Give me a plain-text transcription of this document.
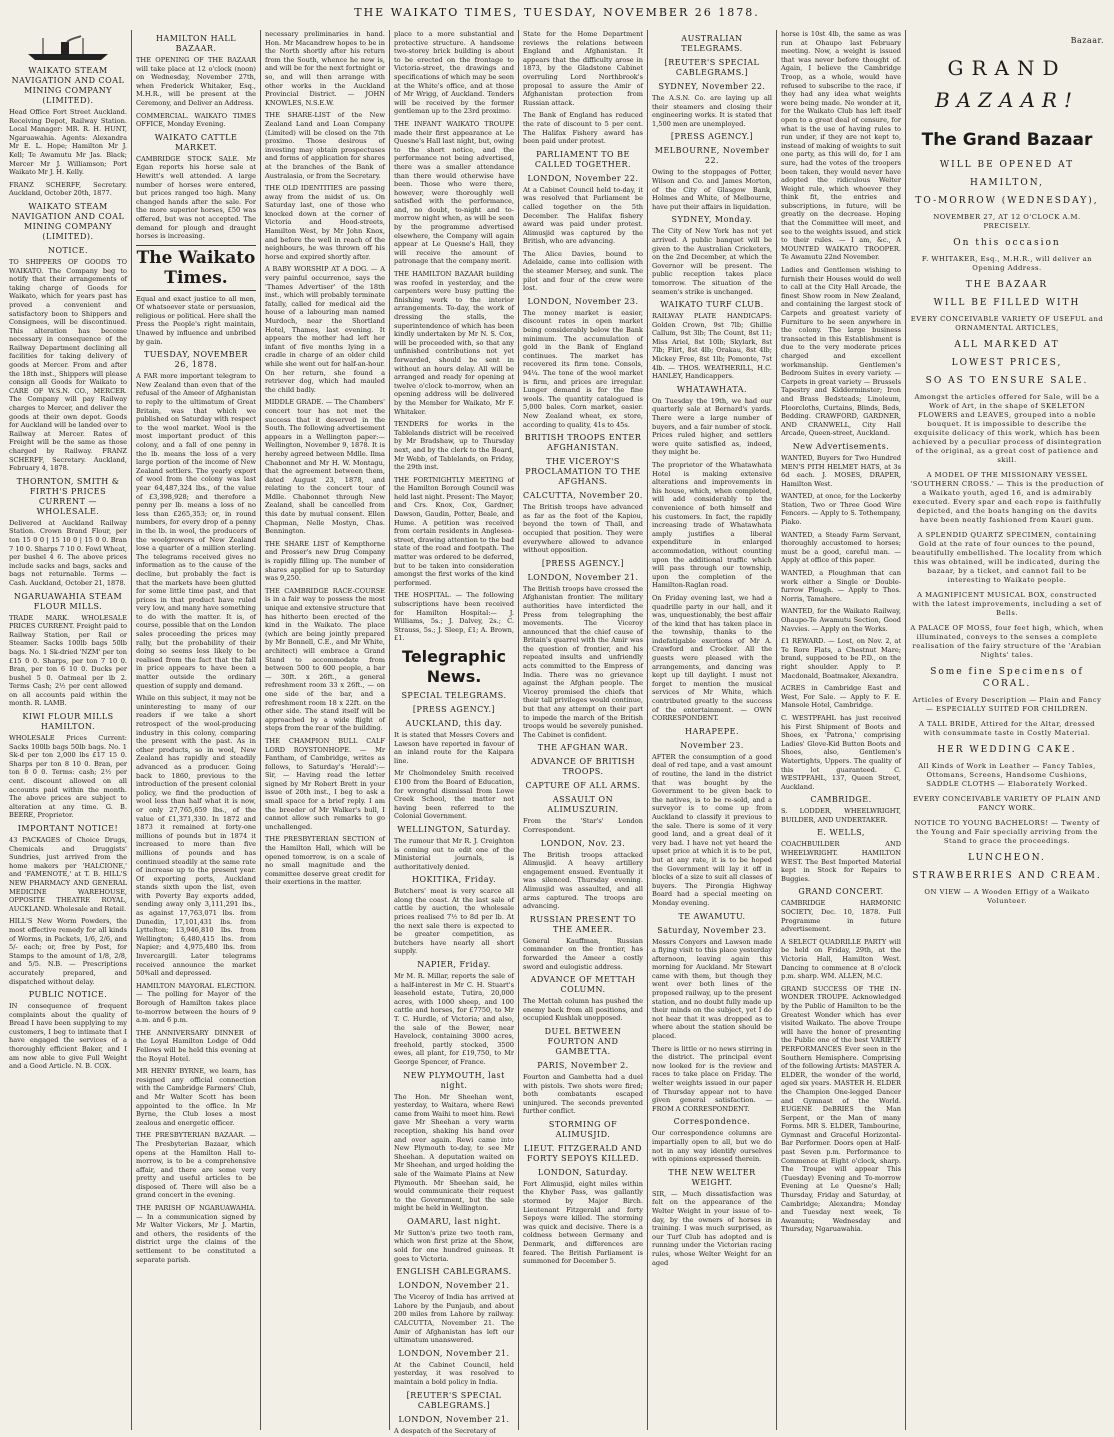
THE WAIKATO TIMES, TUESDAY, NOVEMBER 26 1878.
WAIKATO STEAM NAVIGATION AND COAL MINING COMPANY (LIMITED).
Head Office Fort Street Auckland. Receiving Depot, Railway Station. Local Manager: MR. R. H. HUNT, Ngaruawahia. Agents: Alexandra Mr E. L. Hope; Hamilton Mr J. Kell; Te Awamutu Mr Jas. Black; Mercer Mr J. Williamson; Port Waikato Mr J. H. Kelly.
FRANZ SCHERFF, Secretary. Auckland, October 20th, 1877.
WAIKATO STEAM NAVIGATION AND COAL MINING COMPANY (LIMITED).
NOTICE.
TO SHIPPERS OF GOODS TO WAIKATO. The Company beg to notify that their arrangements of taking charge of Goods for Waikato, which for years past has proved a convenient and satisfactory boon to Shippers and Consignees, will be discontinued. This alteration has become necessary in consequence of the Railway Department declining all facilities for taking delivery of goods at Mercer. From and after the 18th inst., Shippers will please consign all Goods for Waikato to CARE OF W.S.N. CO., MERCER. The Company will pay Railway charges to Mercer, and deliver the goods at their own depot. Goods for Auckland will be landed over to Railway at Mercer. Rates of Freight will be the same as those charged by Railway. FRANZ SCHERFF, Secretary. Auckland, February 4, 1878.
THORNTON, SMITH & FIRTH'S PRICES CURRENT — WHOLESALE.
Delivered at Auckland Railway Station. Crown Brand Flour, per ton 15 0 0 | 15 10 0 | 15 0 0. Bran 7 10 0. Sharps 7 10 0. Fowl Wheat, per bushel 4 6. The above prices include sacks and bags, sacks and bags not returnable. Terms — Cash. Auckland, October 21, 1878.
NGARUAWAHIA STEAM FLOUR MILLS.
TRADE MARK. WHOLESALE PRICES CURRENT. Freight paid to Railway Station, per Rail or Steamer. Sacks 100lb bags 50lb bags. No. 1 Sk-dried 'NZM' per ton £15 0 0. Sharps, per ton 7 10 0. Bran, per ton 6 10 0. Ducks per bushel 5 0. Oatmeal per lb 2. Terms Cash; 2½ per cent allowed on all accounts paid within the month. R. LAMB.
KIWI FLOUR MILLS HAMILTON.
WHOLESALE Prices Current: Sacks 100lb bags 50lb bags. No. 1 Sk-d per ton 2,000 lbs £17 15 0. Sharps per ton 8 10 0. Bran, per ton 8 0 0. Terms: cash; 2½ per cent. discount allowed on all accounts paid within the month. The above prices are subject to alteration at any time. G. B. BEERE, Proprietor.
IMPORTANT NOTICE!
43 PACKAGES of Choice Drugs, Chemicals and Druggists' Sundries, just arrived from the home makers per 'HALCIONE,' and 'FAMENOTE,' at T. B. HILL'S NEW PHARMACY AND GENERAL MEDICINE WAREHOUSE, OPPOSITE THEATRE ROYAL, AUCKLAND. Wholesale and Retail.
HILL'S New Worm Powders, the most effective remedy for all kinds of Worms, in Packets, 1/6, 2/6, and 5/- each; or, free by Post, for Stamps to the amount of 1/8, 2/8, and 5/5. N.B. — Prescriptions accurately prepared, and dispatched without delay.
PUBLIC NOTICE.
IN consequence of frequent complaints about the quality of Bread I have been supplying to my customers, I beg to intimate that I have engaged the services of a thoroughly efficient Baker, and I am now able to give Full Weight and a Good Article. N. B. COX.
HAMILTON HALL BAZAAR.
THE OPENING OF THE BAZAAR will take place at 12 o'clock (noon) on Wednesday, November 27th, when Frederick Whitaker, Esq., M.H.R., will be present at the Ceremony, and Deliver an Address.
COMMERCIAL. WAIKATO TIMES OFFICE, Monday Evening.
WAIKATO CATTLE MARKET.
CAMBRIDGE STOCK SALE. Mr Egan reports his horse sale at Hewitt's well attended. A large number of horses were entered, but prices ranged too high. Many changed hands after the sale. For the more superior horses, £50 was offered, but was not accepted. The demand for plough and draught horses is increasing.
The Waikato Times.
Equal and exact justice to all men, Of whatsoever state or persuasion, religious or political. Here shall the Press the People's right maintain, Unawed by influence and unbribed by gain.
TUESDAY, NOVEMBER 26, 1878.
A FAR more important telegram to New Zealand than even that of the refusal of the Ameer of Afghanistan to reply to the ultimatum of Great Britain, was that which we published on Saturday with respect to the wool market. Wool is the most important product of this colony, and a fall of one penny in the lb. means the loss of a very large portion of the income of New Zealand settlers. The yearly export of wool from the colony was last year 64,487,324 lbs., of the value of £3,398,928; and therefore a penny per lb. means a loss of no less than £265,353; or, in round numbers, for every drop of a penny in the lb. in wool, the producers of the woolgrowers of New Zealand lose a quarter of a million sterling. The telegrams received gives no information as to the cause of the decline, but probably the fact is that the markets have been glutted for some little time past, and that prices in that product have ruled very low, and many have something to do with the matter. It is, of course, possible that on the London sales proceeding the prices may rally, but the probability of their doing so seems less likely to be realised from the fact that the fall in price appears to have been a matter outside the ordinary question of supply and demand.
While on this subject, it may not be uninteresting to many of our readers if we take a short retrospect of the wool-producing industry in this colony, comparing the present with the past. As in other products, so in wool, New Zealand has rapidly and steadily advanced as a producer. Going back to 1860, previous to the introduction of the present colonial policy, we find the production of wool less than half what it is now, or only 27,765,659 lbs., of the value of £1,371,330. In 1872 and 1873 it remained at forty-one millions of pounds but in 1874 it increased to more than five millions of pounds and has continued steadily at the same rate of increase up to the present year. Of exporting ports, Auckland stands sixth upon the list, even with Poverty Bay exports added, sending away only 3,111,291 lbs., as against 17,763,071 lbs. from Dunedin, 17,101,431 lbs. from Lyttelton; 13,946,810 lbs. from Wellington; 6,480,415 lbs. from Napier; and 4,975,480 lbs. from Invercargill. Later telegrams received announce the market 50%all and depressed.
HAMILTON MAYORAL ELECTION. — The polling for Mayor of the Borough of Hamilton takes place to-morrow between the hours of 9 a.m. and 6 p.m.
THE ANNIVERSARY DINNER of the Loyal Hamilton Lodge of Odd Fellows will be held this evening at the Royal Hotel.
MR HENRY BYRNE, we learn, has resigned any official connection with the Cambridge Farmers' Club, and Mr Walter Scott has been appointed to the office. In Mr Byrne, the Club loses a most zealous and energetic officer.
THE PRESBYTERIAN BAZAAR. — The Presbyterian Bazaar, which opens at the Hamilton Hall to-morrow, is to be a comprehensive affair, and there are some very pretty and useful articles to be disposed of. There will also be a grand concert in the evening.
THE PARISH OF NGARUAWAHIA. — In a communication signed by Mr Walter Vickers, Mr J. Martin, and others, the residents of the district urge the claims of the settlement to be constituted a separate parish.
necessary preliminaries in hand. Hon. Mr Macandrew hopes to be in the North shortly after his return from the South, whence he now is, and will be for the next fortnight or so, and will then arrange with other works in the Auckland Provincial District. — JOHN KNOWLES, N.S.E.W.
THE SHARE-LIST of the New Zealand Land and Loan Company (Limited) will be closed on the 7th proximo. Those desirous of investing may obtain prospectuses and forms of application for shares at the branches of the Bank of Australasia, or from the Secretary.
THE OLD IDENTITIES are passing away from the midst of us. On Saturday last, one of those who knocked down at the corner of Victoria and Hood-streets, Hamilton West, by Mr John Knox, and before the well in reach of the neighbours, he was thrown off his horse and expired shortly after.
A BABY WORSHIP AT A DOG. — A very painful occurrence, says the 'Thames Advertiser' of the 18th inst., which will probably terminate fatally, called for medical aid the house of a labouring man named Murdoch, near the Shortland Hotel, Thames, last evening. It appears the mother had left her infant of five months lying in a cradle in charge of an older child while she went out for half-an-hour. On her return, she found a retriever dog, which had mauled the child badly.
MIDDLE GRADE. — The Chambers' concert tour has not met the success that it deserved in the South. The following advertisement appears in a Wellington paper:— Wellington, November 9, 1878. It is hereby agreed between Mdlle. Ilma Chabonnet and Mr H. W. Montagu, that the agreement between them, dated August 23, 1878, and relating to the concert tour of Mdlle. Chabonnet through New Zealand, shall be cancelled from this date by mutual consent. Ellen Chapman, Nelle Mostyn, Chas. Bennington.
THE SHARE LIST of Kempthorne and Prosser's new Drug Company is rapidly filling up. The number of shares applied for up to Saturday was 9,250.
THE CAMBRIDGE RACE-COURSE is in a fair way to possess the most unique and extensive structure that has hitherto been erected of the kind in the Waikato. The place (which are being jointly prepared by Mr Bonnell, C.E., and Mr White, architect) will embrace a Grand Stand to accommodate from between 500 to 600 people, a bar — 30ft. x 26ft., a general refreshment room 33 x 26ft., — on one side of the bar, and a refreshment room 18 x 22ft. on the other side. The stand itself will be approached by a wide flight of steps from the rear of the building.
THE CHAMPION BULL CALF LORD ROYSTONHOPE. — Mr Fantham, of Cambridge, writes as follows, to Saturday's 'Herald':— Sir, — Having read the letter signed by Mr Robert Brett in your issue of 20th inst., I beg to ask a small space for a brief reply. I am the breeder of Mr Walker's bull, I cannot allow such remarks to go unchallenged.
THE PRESBYTERIAN SECTION of the Hamilton Hall, which will be opened tomorrow, is on a scale of no small magnitude and the committee deserve great credit for their exertions in the matter.
place to a more substantial and protective structure. A handsome two-storey brick building is about to be erected on the frontage to Victoria-street, the drawings and specifications of which may be seen at the White's office, and at those of Mr Wrigg, of Auckland. Tenders will be received by the former gentleman up to the 23rd proximo.
THE INFANT WAIKATO TROUPE made their first appearance at Le Quesne's Hall last night, but, owing to the short notice, and the performance not being advertised, there was a smaller attendance than there would otherwise have been. Those who were there, however, were thoroughly well satisfied with the performance, and, no doubt, to-night and to-morrow night when, as will be seen by the programme advertised elsewhere, the Company will again appear at Le Quesne's Hall, they will receive the amount of patronage that the company merit.
THE HAMILTON BAZAAR building was roofed in yesterday, and the carpenters were busy putting the finishing work to the interior arrangements. To-day, the work of dressing the stalls, the superintendence of which has been kindly undertaken by Mr N. S. Cox, will be proceeded with, so that any unfinished contributions not yet forwarded, should be sent in without an hours delay. All will be arranged and ready for opening at twelve o'clock to-morrow, when an opening address will be delivered by the Member for Waikato, Mr F. Whitaker.
TENDERS for works in the Tablelands district will be received by Mr Bradshaw, up to Thursday next, and by the clerk to the Board, Mr Webb, of Tablelands, on Friday, the 29th inst.
THE FORTNIGHTLY MEETING of the Hamilton Borough Council was held last night. Present: The Mayor, and Crs. Knox, Cox, Gardner, Dawson, Gaudin, Potter, Beale, and Hume. A petition was received from certain residents in Anglesea-street, drawing attention to the bad state of the road and footpath. The matter was ordered to be deferred, but to be taken into consideration amongst the first works of the kind performed.
THE HOSPITAL. — The following subscriptions have been received for Hamilton Hospital:— J. Williams, 5s.; J. Dalvey, 2s.; C. Strauss, 5s.; J. Sleep, £1; A. Brown, £1.
Telegraphic News.
SPECIAL TELEGRAMS.
[PRESS AGENCY.]
AUCKLAND, this day.
It is stated that Messrs Covers and Lawson have reported in favour of an inland route for the Kaipara line.
Mr Cholmondeley Smith received £100 from the Board of Education, for wrongful dismissal from Lowe Creek School, the matter not having been referred to the Colonial Government.
WELLINGTON, Saturday.
The rumour that Mr R. J. Creighton is coming out to edit one of the Ministerial journals, is authoritatively denied.
HOKITIKA, Friday.
Butchers' meat is very scarce all along the coast. At the last sale of cattle by auction, the wholesale prices realised 7½ to 8d per lb. At the next sale there is expected to be greater competition, as butchers have nearly all short supply.
NAPIER, Friday.
Mr M. R. Millar, reports the sale of a half-interest in Mr C. H. Stuart's leasehold estate, Tutira, 20,000 acres, with 1000 sheep, and 100 cattle and horses, for £7750, to Mr T. C. Hurdle, of Victoria; and also, the sale of the Bower, near Havelock, containing 3000 acres, freehold, partly stocked, 3500 ewes, all plant, for £19,750, to Mr George Spencer, of France.
NEW PLYMOUTH, last night.
The Hon. Mr Sheehan went, yesterday, to Waitara, where Rewi came from Waihi to meet him. Rewi gave Mr Sheehan a very warm reception, shaking his hand over and over again. Rewi came into New Plymouth to-day, to see Mr Sheehan. A deputation waited on Mr Sheehan, and urged holding the sale of the Waimate Plains at New Plymouth. Mr Sheehan said, he would communicate their request to the Government, but the sale might be held in Wellington.
OAMARU, last night.
Mr Sutton's prize two tooth ram, which won first prize at the Show, sold for one hundred guineas. It goes to Victoria.
ENGLISH CABLEGRAMS.
LONDON, November 21.
The Viceroy of India has arrived at Lahore by the Punjaub, and about 200 miles from Lahore by railway. CALCUTTA, November 21. The Amir of Afghanistan has left our ultimatum unanswered.
LONDON, November 21.
At the Cabinet Council, held yesterday, it was resolved to maintain a bold policy in India.
[REUTER'S SPECIAL CABLEGRAMS.]
LONDON, November 21.
A despatch of the Secretary of
State for the Home Department reviews the relations between England and Afghanistan. It appears that the difficulty arose in 1873, by the Gladstone Cabinet overruling Lord Northbrook's proposal to assure the Amir of Afghanistan protection from Russian attack.
The Bank of England has reduced the rate of discount to 5 per cent. The Halifax Fishery award has been paid under protest.
PARLIAMENT TO BE CALLED TOGETHER.
LONDON, November 22.
At a Cabinet Council held to-day, it was resolved that Parliament be called together on the 5th December. The Halifax fishery award was paid under protest. Alimusjid was captured by the British, who are advancing.
The Alice Davies, bound to Adelaide, came into collision with the steamer Mersey, and sunk. The pilot and four of the crew were lost.
LONDON, November 23.
The money market is easier, discount rates in open market being considerably below the Bank minimum. The accumulation of gold in the Bank of England continues. The market has recovered its firm tone. Consols, 94¼. The tone of the wool market is firm, and prices are irregular. Lunger demand is for the fine wools. The quantity catalogued is 5,000 bales. Corn market, easier. New Zealand wheat, ex store, according to quality, 41s to 45s.
BRITISH TROOPS ENTER AFGHANISTAN.
THE VICEROY'S PROCLAMATION TO THE AFGHANS.
CALCUTTA, November 20.
The British troops have advanced as far as the foot of the Kapiou, beyond the town of Thall, and occupied that position. They were everywhere allowed to advance without opposition.
[PRESS AGENCY.]
LONDON, November 21.
The British troops have crossed the Afghanistan frontier. The military authorities have interdicted the Press from telegraphing the movements. The Viceroy announced that the chief cause of Britain's quarrel with the Amir was the question of frontier, and his repeated insults and unfriendly acts committed to the Empress of India. There was no grievance against the Afghan people. The Viceroy promised the chiefs that their tall privileges would continue, but that any attempt on their part to impede the march of the British troops would be severely punished. The Cabinet is confident.
THE AFGHAN WAR.
ADVANCE OF BRITISH TROOPS.
CAPTURE OF ALL ARMS.
ASSAULT ON ALIMUSZURIN.
From the 'Star's' London Correspondent.
LONDON, Nov. 23.
The British troops attacked Alimusjid. A heavy artillery engagement ensued. Eventually it was silenced. Thursday evening. Alimusjid was assaulted, and all arms captured. The troops are advancing.
RUSSIAN PRESENT TO THE AMEER.
General Kauffman, Russian commander on the frontier, has forwarded the Ameer a costly sword and eulogistic address.
ADVANCE OF METTAH COLUMN.
The Mettah column has pushed the enemy back from all positions, and occupied Kushlak unopposed.
DUEL BETWEEN FOURTON AND GAMBETTA.
PARIS, November 2.
Fourton and Gambetta had a duel with pistols. Two shots were fired; both combatants escaped uninjured. The seconds prevented further conflict.
STORMING OF ALIMUSJID.
LIEUT. FITZGERALD AND FORTY SEPOYS KILLED.
LONDON, Saturday.
Fort Alimusjid, eight miles within the Khyber Pass, was gallantly stormed by Major Birch. Lieutenant Fitzgerald and forty Sepoys were killed. The storming was quick and decisive. There is a coldness between Germany and Denmark, and differences are feared. The British Parliament is summoned for December 5.
AUSTRALIAN TELEGRAMS.
[REUTER'S SPECIAL CABLEGRAMS.]
SYDNEY, November 22.
The A.S.N. Co. are laying up all their steamers and closing their engineering works. It is stated that 1,500 men are unemployed.
[PRESS AGENCY.]
MELBOURNE, November 22.
Owing to the stoppages of Potter, Wilson and Co. and James Morton, of the City of Glasgow Bank, Holmes and White, of Melbourne, have put their affairs in liquidation.
SYDNEY, Monday.
The City of New York has not yet arrived. A public banquet will be given to the Australian Cricketers, on the 2nd December, at which the Governor will be present. The public reception takes place tomorrow. The situation of the seamen's strike is unchanged.
WAIKATO TURF CLUB.
RAILWAY PLATE HANDICAPS: Golden Crown, 9st 7lb; Ghillie Callum, 9st 3lb; The Count, 8st 11; Miss Ariel, 8st 10lb; Skylark, 8st 7lb; Flirt, 8st 4lb; Orakau, 8st 4lb; Mickey Free, 8st 1lb; Pomonte, 7st 4lb. — THOS. WEATHERILL, H.C. HANLEY, Handicappers.
WHATAWHATA.
On Tuesday the 19th, we had our quarterly sale at Bernard's yards. There were a large number of buyers, and a fair number of stock. Prices ruled higher, and settlers were quite satisfied as, indeed, they might be.
The proprietor of the Whatawhata Hotel is making extensive alterations and improvements in his house, which, when completed, will add considerably to the convenience of both himself and his customers. In fact, the rapidly increasing trade of Whatawhata amply justifies a liberal expenditure in enlarged accommodation, without counting upon the additional traffic which will pass through our township, upon the completion of the Hamilton-Raglan road.
On Friday evening last, we had a quadrille party in our hall, and it was, unquestionably, the best affair of the kind that has taken place in the township, thanks to the indefatigable exertions of Mr A. Crawford and Crocker. All the guests were pleased with the arrangements, and dancing was kept up till daylight. I must not forget to mention the musical services of Mr White, which contributed greatly to the success of the entertainment. — OWN CORRESPONDENT.
HARAPEPE.
November 23.
AFTER the consumption of a good deal of red tape, and a vast amount of routine, the land in the district that was bought by the Government to be given back to the natives, is to be re-sold, and a surveyor is to come up from Auckland to classify it previous to the sale. There is some of it very good land, and a great deal of it very bad. I have not yet heard the upset price at which it is to be put, but at any rate, it is to be hoped the Government will lay it off in blocks of a size to suit all classes of buyers. The Pirongia Highway Board had a special meeting on Monday evening.
TE AWAMUTU.
Saturday, November 23.
Messrs Conyers and Lawson made a flying visit to this place yesterday afternoon, leaving again this morning for Auckland. Mr Stewart came with them, but though they went over both lines of the proposed railway, up to the present station, and no doubt fully made up their minds on the subject, yet I do not hear that it was dropped as to where about the station should be placed.
There is little or no news stirring in the district. The principal event now looked for is the review and races to take place on Friday. The welter weights issued in our paper of Thursday appear not to have given general satisfaction. — FROM A CORRESPONDENT.
Correspondence.
Our correspondence columns are impartially open to all, but we do not in any way identify ourselves with opinions expressed therein.
THE NEW WELTER WEIGHT.
SIR, — Much dissatisfaction was felt on the appearance of the Welter Weight in your issue of to-day, by the owners of horses in training. I was much surprised, as our Turf Club has adopted and is running under the Victorian racing rules, whose Welter Weight for an aged
horse is 10st 4lb, the same as was run at Ohaupo last February meeting. Now, a weight is issued that was never before thought of. Again, I believe the Cambridge Troop, as a whole, would have refused to subscribe to the race, if they had any idea what weights were being made. No wonder at it, for the Waikato Club has left itself open to a great deal of censure, for what is the use of having rules to run under, if they are not kept to, instead of making of weights to suit one party, as this will do, for I am sure, had the votes of the troopers been taken, they would never have adopted the ridiculous Welter Weight rule, which whoever they think fit, the entries and subscriptions, in future, will be greatly on the decrease. Hoping that the Committee will meet, and see to the weights issued, and stick to their rules. — I am, &c., A MOUNTED WAIKATO TROOPER. Te Awamutu 22nd November.
Ladies and Gentlemen wishing to furnish their Houses would do well to call at the City Hall Arcade, the finest Show room in New Zealand, and containing the largest stock of Carpets and greatest variety of Furniture to be seen anywhere in the colony. The large business transacted in this Establishment is due to the very moderate prices charged and excellent workmanship. Gentlemen's Bedroom Suites in every variety. — Carpets in great variety — Brussels Tapestry and Kidderminster; Iron and Brass Bedsteads; Linoleum, Floorcloths, Curtains, Blinds, Beds, Bedding. CRAWFORD, GARDNER, AND CRANWELL, City Hall Arcade, Queen-street, Auckland.
New Advertisements.
WANTED, Buyers for Two Hundred MEN'S PITH HELMET HATS, at 3s 6d each. J. MOSES, DRAPER, Hamilton West.
WANTED, at once, for the Lockerby Station, Two or Three Good Wire Fencers. — Apply to S. Tothempany, Piako.
WANTED, a Steady Farm Servant, thoroughly accustomed to horses; must be a good, careful man. — Apply at office of this paper.
WANTED, a Ploughman that can work either a Single or Double-furrow Plough. — Apply to Thos. Norris, Tamahere.
WANTED, for the Waikato Railway, Ohaupo-Te Awamutu Section, Good Navvies. — Apply on the Works.
£1 REWARD. — Lost, on Nov. 2, at Te Rore Flats, a Chestnut Mare; brand, supposed to be P.D., on the right shoulder. Apply to P. Macdonald, Boatmaker, Alexandra.
ACRES in Cambridge East and West, For Sale. — Apply to F. E. Mansole Hotel, Cambridge.
C. WESTPFAHL has just received his First Shipment of Boots and Shoes, ex 'Patrona,' comprising Ladies' Glove-Kid Button Boots and Shoes, also, Gentlemen's Watertights, Uppers. The quality of this lot guaranteed. C. WESTPFAHL, 137, Queen Street, Auckland.
CAMBRIDGE.
S. LODDER, WHEELWRIGHT, BUILDER, AND UNDERTAKER.
E. WELLS,
COACHBUILDER AND WHEELWRIGHT. HAMILTON WEST. The Best Imported Material kept in Stock for Repairs to Buggies.
GRAND CONCERT.
CAMBRIDGE HARMONIC SOCIETY, Dec. 10, 1878. Full Programme in future advertisement.
A SELECT QUADRILLE PARTY will be held on Friday, 29th, at the Victoria Hall, Hamilton West. Dancing to commence at 8 o'clock p.m. sharp. WM. ALLEN, M.C.
GRAND SUCCESS OF THE IN-WONDER TROUPE. Acknowledged by the Public of Hamilton to be the Greatest Wonder which has ever visited Waikato. The above Troupe will have the honor of presenting the Public one of the best VARIETY PERFORMANCES Ever seen in the Southern Hemisphere. Comprising of the following Artists: MASTER A. ELDER, the wonder of the world, aged six years. MASTER H. ELDER the Champion One-legged Dancer and Gymnast of the World. EUGENE DeBRIES the Man Serpent, or the Man of many Forms. MR S. ELDER, Tambourine, Gymnast and Graceful Horizontal-Bar Performer. Doors open at Half-past Seven p.m. Performance to Commence at Eight o'clock, sharp. The Troupe will appear This (Tuesday) Evening and To-morrow Evening at Le Quesne's Hall; Thursday, Friday and Saturday, at Cambridge; Alexandra; Monday and Tuesday next week, Te Awamutu; Wednesday and Thursday, Ngaruawahia.
Bazaar.
GRAND
BAZAAR!
The Grand Bazaar
WILL BE OPENED AT
HAMILTON,
TO-MORROW (WEDNESDAY),
NOVEMBER 27, AT 12 O'CLOCK A.M. PRECISELY.
On this occasion
F. WHITAKER, Esq., M.H.R., will deliver an Opening Address.
THE BAZAAR
WILL BE FILLED WITH
EVERY CONCEIVABLE VARIETY OF USEFUL and ORNAMENTAL ARTICLES,
ALL MARKED AT
LOWEST PRICES,
SO AS TO ENSURE SALE.
Amongst the articles offered for Sale, will be a Work of Art, in the shape of SKELETON FLOWERS and LEAVES, grouped into a noble bouquet. It is impossible to describe the exquisite delicacy of this work, which has been achieved by a peculiar process of disintegration of the original, as a great cost of patience and skill.
A MODEL OF THE MISSIONARY VESSEL 'SOUTHERN CROSS.' — This is the production of a Waikato youth, aged 16, and is admirably executed. Every spar and each rope is faithfully depicted, and the boats hanging on the davits have been neatly fashioned from Kauri gum.
A SPLENDID QUARTZ SPECIMEN, containing Gold at the rate of four ounces to the pound, beautifully embellished. The locality from which this was obtained, will be indicated, during the bazaar, by a ticket, and cannot fail to be interesting to Waikato people.
A MAGNIFICENT MUSICAL BOX, constructed with the latest improvements, including a set of Bells.
A PALACE OF MOSS, four feet high, which, when illuminated, conveys to the senses a complete realisation of the fairy structure of the 'Arabian Nights' tales.
Some fine Specimens of CORAL.
Articles of Every Description — Plain and Fancy — ESPECIALLY SUITED FOR CHILDREN.
A TALL BRIDE, Attired for the Altar, dressed with consummate taste in Costly Material.
HER WEDDING CAKE.
All Kinds of Work in Leather — Fancy Tables, Ottomans, Screens, Handsome Cushions, SADDLE CLOTHS — Elaborately Worked.
EVERY CONCEIVABLE VARIETY OF PLAIN AND FANCY WORK.
NOTICE TO YOUNG BACHELORS! — Twenty of the Young and Fair specially arriving from the Stand to grace the proceedings.
LUNCHEON.
STRAWBERRIES AND CREAM.
ON VIEW — A Wooden Effigy of a Waikato Volunteer.
